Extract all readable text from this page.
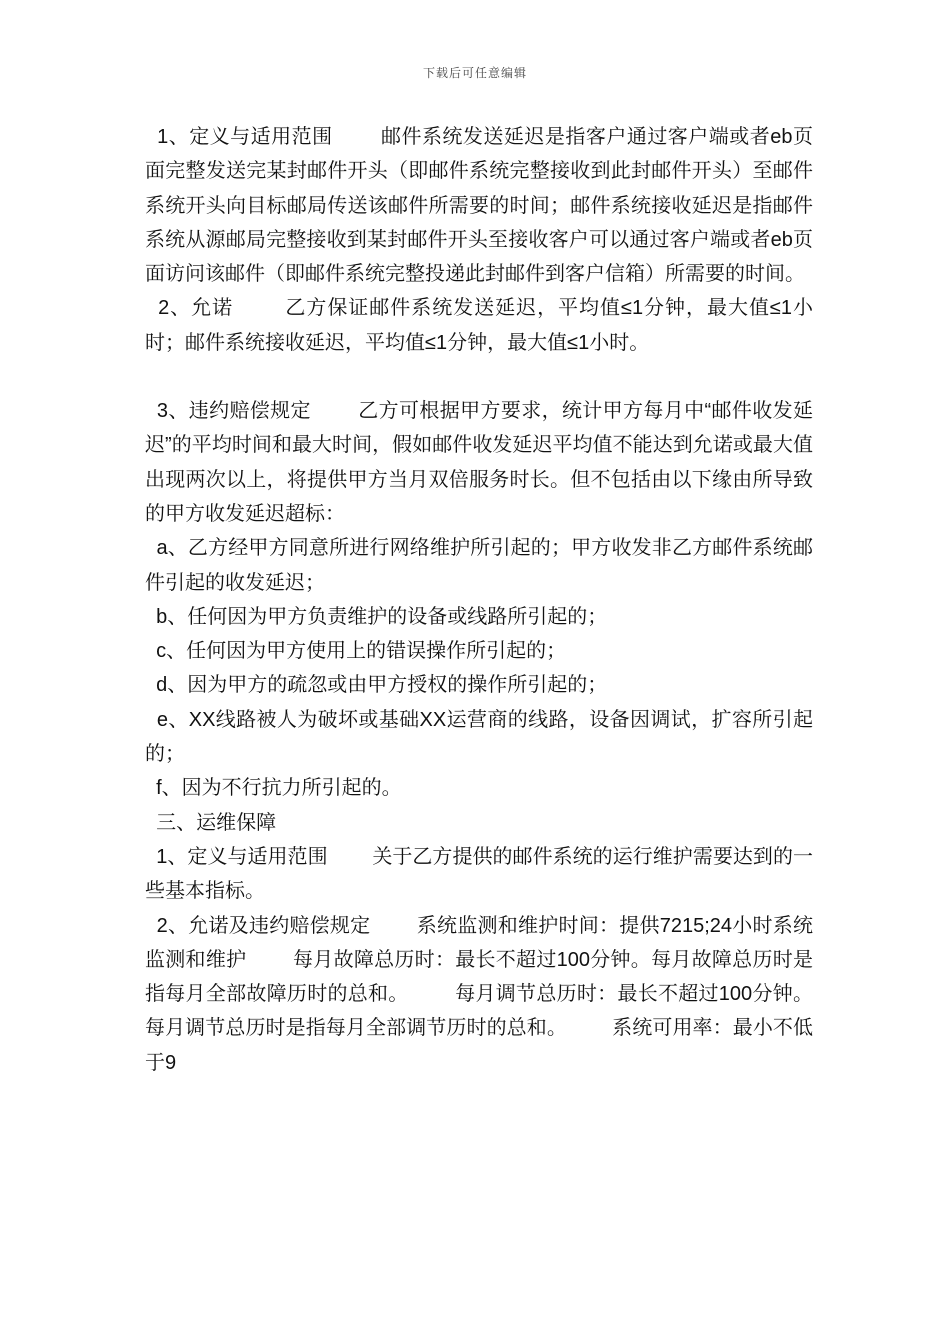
下载后可任意编辑

1、定义与适用范围        邮件系统发送延迟是指客户通过客户端或者eb页面完整发送完某封邮件开头（即邮件系统完整接收到此封邮件开头）至邮件系统开头向目标邮局传送该邮件所需要的时间；邮件系统接收延迟是指邮件系统从源邮局完整接收到某封邮件开头至接收客户可以通过客户端或者eb页面访问该邮件（即邮件系统完整投递此封邮件到客户信箱）所需要的时间。

2、允诺        乙方保证邮件系统发送延迟，平均值≤1分钟，最大值≤1小时；邮件系统接收延迟，平均值≤1分钟，最大值≤1小时。

3、违约赔偿规定        乙方可根据甲方要求，统计甲方每月中“邮件收发延迟”的平均时间和最大时间，假如邮件收发延迟平均值不能达到允诺或最大值出现两次以上，将提供甲方当月双倍服务时长。但不包括由以下缘由所导致的甲方收发延迟超标：

a、乙方经甲方同意所进行网络维护所引起的；甲方收发非乙方邮件系统邮件引起的收发延迟；

b、任何因为甲方负责维护的设备或线路所引起的；

c、任何因为甲方使用上的错误操作所引起的；

d、因为甲方的疏忽或由甲方授权的操作所引起的；

e、XX线路被人为破坏或基础XX运营商的线路，设备因调试，扩容所引起的；

f、因为不行抗力所引起的。

三、运维保障

1、定义与适用范围        关于乙方提供的邮件系统的运行维护需要达到的一些基本指标。

2、允诺及违约赔偿规定        系统监测和维护时间：提供7215;24小时系统监测和维护        每月故障总历时：最长不超过100分钟。每月故障总历时是指每月全部故障历时的总和。        每月调节总历时：最长不超过100分钟。每月调节总历时是指每月全部调节历时的总和。        系统可用率：最小不低于9
